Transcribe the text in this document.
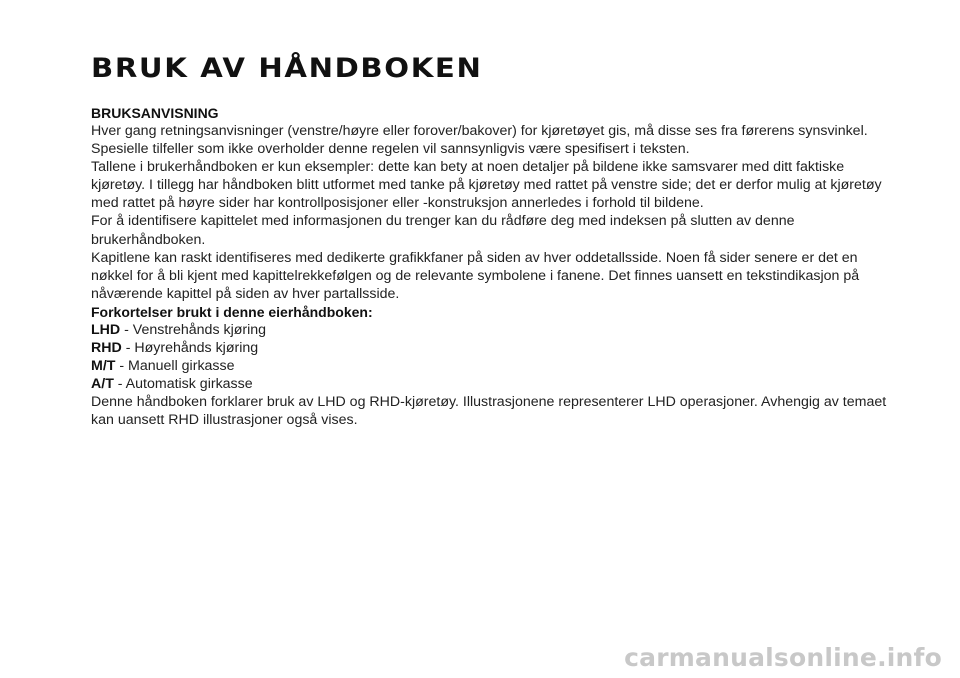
BRUK AV HÅNDBOKEN
BRUKSANVISNING

Hver gang retningsanvisninger (venstre/høyre eller forover/bakover) for kjøretøyet gis, må disse ses fra førerens synsvinkel. Spesielle tilfeller som ikke overholder denne regelen vil sannsynligvis være spesifisert i teksten.

Tallene i brukerhåndboken er kun eksempler: dette kan bety at noen detaljer på bildene ikke samsvarer med ditt faktiske kjøretøy. I tillegg har håndboken blitt utformet med tanke på kjøretøy med rattet på venstre side; det er derfor mulig at kjøretøy med rattet på høyre sider har kontrollposisjoner eller -konstruksjon annerledes i forhold til bildene.

For å identifisere kapittelet med informasjonen du trenger kan du rådføre deg med indeksen på slutten av denne brukerhåndboken.

Kapitlene kan raskt identifiseres med dedikerte grafikkfaner på siden av hver oddetallsside. Noen få sider senere er det en nøkkel for å bli kjent med kapittelrekkefølgen og de relevante symbolene i fanene. Det finnes uansett en tekstindikasjon på nåværende kapittel på siden av hver partallsside.

Forkortelser brukt i denne eierhåndboken:
LHD - Venstrehånds kjøring
RHD - Høyrehånds kjøring
M/T - Manuell girkasse
A/T - Automatisk girkasse

Denne håndboken forklarer bruk av LHD og RHD-kjøretøy. Illustrasjonene representerer LHD operasjoner. Avhengig av temaet kan uansett RHD illustrasjoner også vises.

carmanualsonline.info
